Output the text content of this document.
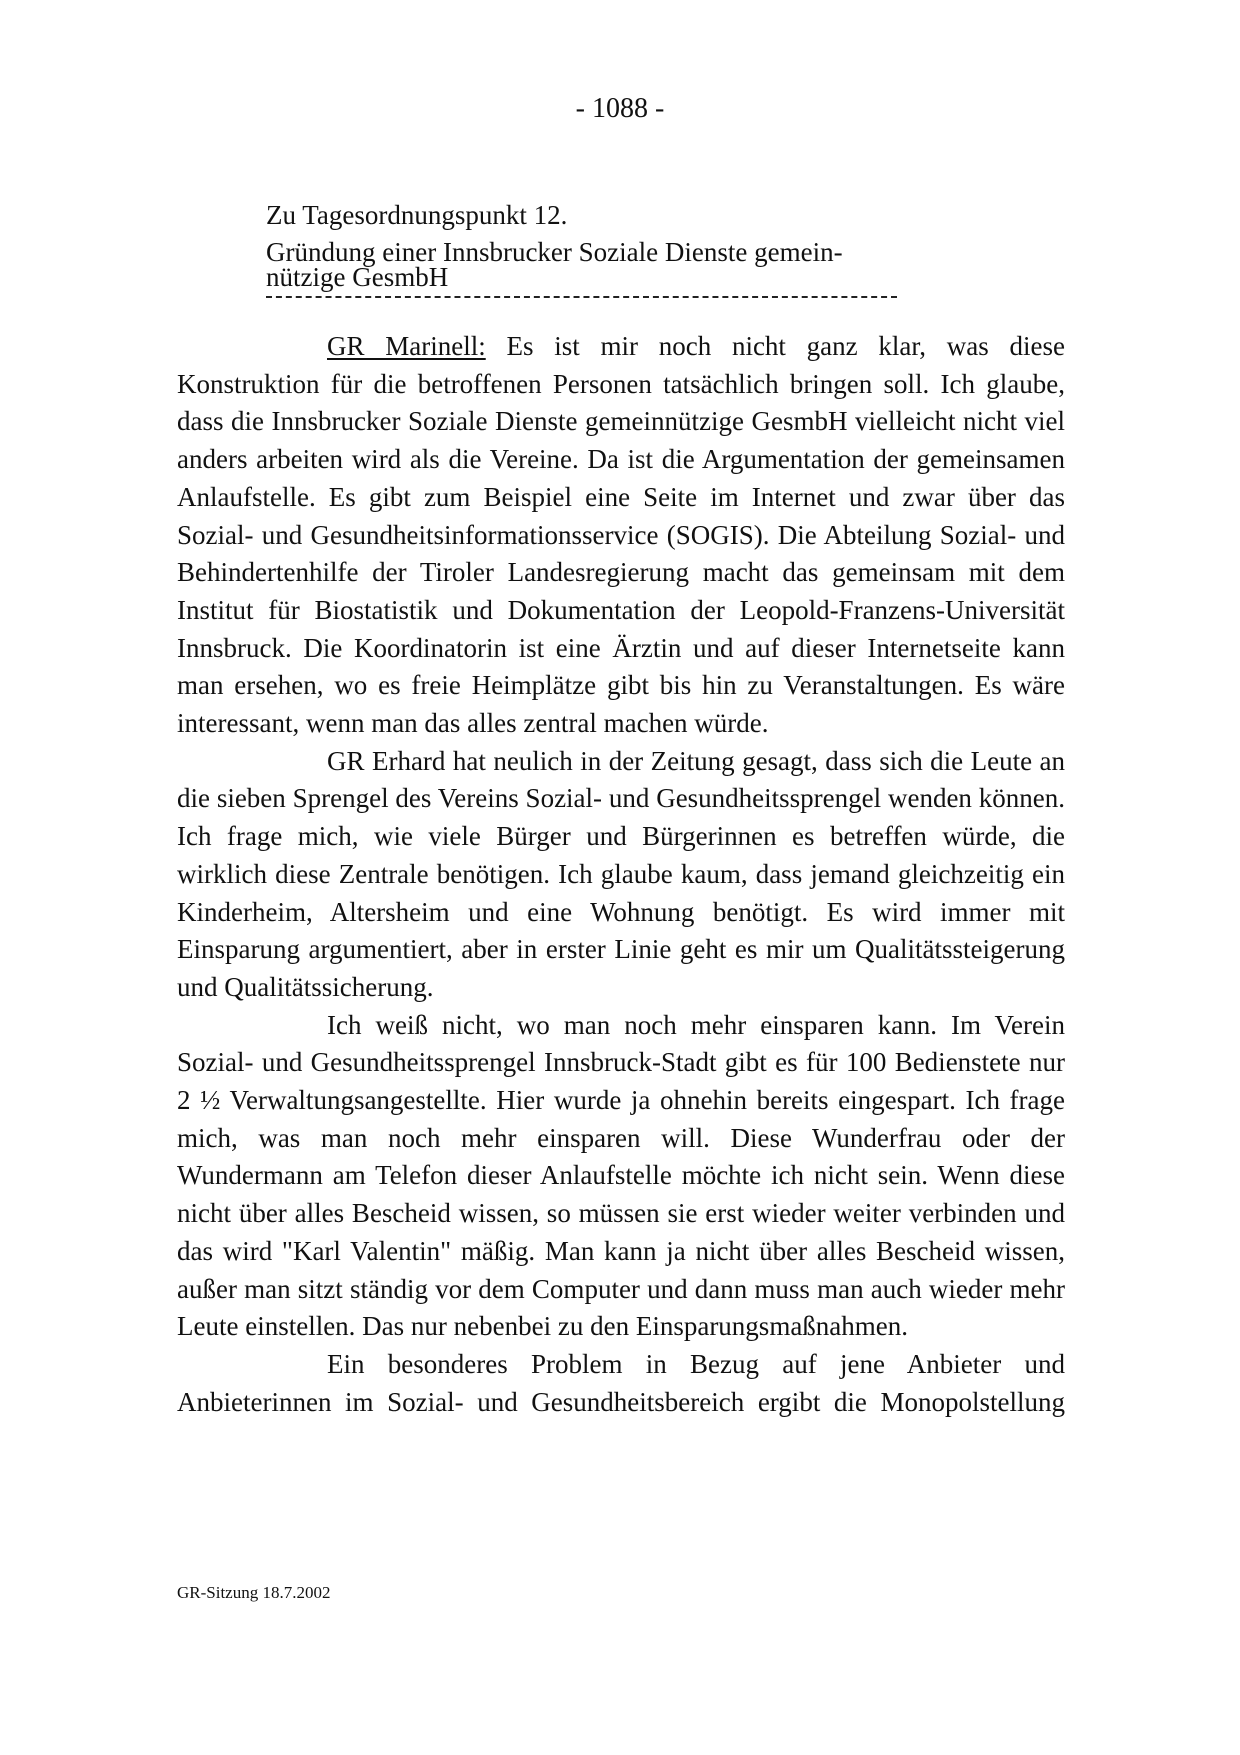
- 1088 -
Zu Tagesordnungspunkt 12.
Gründung einer Innsbrucker Soziale Dienste gemein-
nützige GesmbH

GR Marinell: Es ist mir noch nicht ganz klar, was diese Konstruktion für die betroffenen Personen tatsächlich bringen soll. Ich glaube, dass die Innsbrucker Soziale Dienste gemeinnützige GesmbH vielleicht nicht viel anders arbeiten wird als die Vereine. Da ist die Argumentation der gemeinsamen Anlaufstelle. Es gibt zum Beispiel eine Seite im Internet und zwar über das Sozial- und Gesundheitsinformationsservice (SOGIS). Die Abteilung Sozial- und Behindertenhilfe der Tiroler Landesregierung macht das gemeinsam mit dem Institut für Biostatistik und Dokumentation der Leopold-Franzens-Universität Innsbruck. Die Koordinatorin ist eine Ärztin und auf dieser Internetseite kann man ersehen, wo es freie Heimplätze gibt bis hin zu Veranstaltungen. Es wäre interessant, wenn man das alles zentral machen würde.

GR Erhard hat neulich in der Zeitung gesagt, dass sich die Leute an die sieben Sprengel des Vereins Sozial- und Gesundheitssprengel wenden können. Ich frage mich, wie viele Bürger und Bürgerinnen es betreffen würde, die wirklich diese Zentrale benötigen. Ich glaube kaum, dass jemand gleichzeitig ein Kinderheim, Altersheim und eine Wohnung benötigt. Es wird immer mit Einsparung argumentiert, aber in erster Linie geht es mir um Qualitätssteigerung und Qualitätssicherung.

Ich weiß nicht, wo man noch mehr einsparen kann. Im Verein Sozial- und Gesundheitssprengel Innsbruck-Stadt gibt es für 100 Bedienstete nur 2 ½ Verwaltungsangestellte. Hier wurde ja ohnehin bereits eingespart. Ich frage mich, was man noch mehr einsparen will. Diese Wunderfrau oder der Wundermann am Telefon dieser Anlaufstelle möchte ich nicht sein. Wenn diese nicht über alles Bescheid wissen, so müssen sie erst wieder weiter verbinden und das wird "Karl Valentin" mäßig. Man kann ja nicht über alles Bescheid wissen, außer man sitzt ständig vor dem Computer und dann muss man auch wieder mehr Leute einstellen. Das nur nebenbei zu den Einsparungsmaßnahmen.

Ein besonderes Problem in Bezug auf jene Anbieter und Anbieterinnen im Sozial- und Gesundheitsbereich ergibt die Monopolstellung

GR-Sitzung 18.7.2002
